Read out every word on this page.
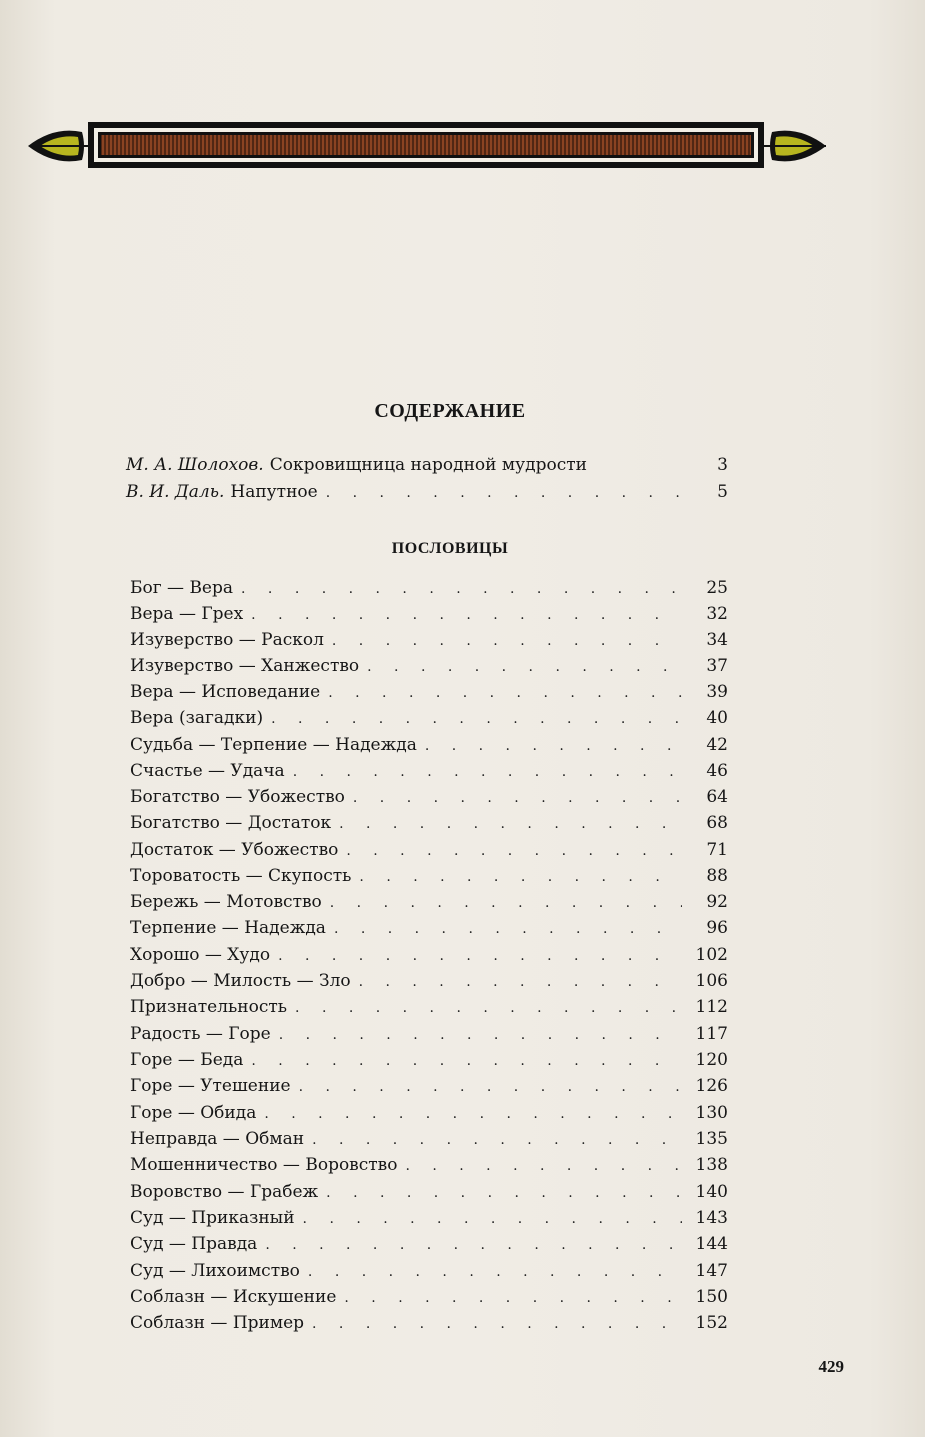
СОДЕРЖАНИЕ
М. А. Шолохов. Сокровищница народной мудрости	3
В. И. Даль. Напутное . . .	5
ПОСЛОВИЦЫ
Бог — Вера . . .	25
Вера — Грех . . .	32
Изуверство — Раскол . . .	34
Изуверство — Ханжество . . .	37
Вера — Исповедание . . .	39
Вера (загадки) . . .	40
Судьба — Терпение — Надежда . . .	42
Счастье — Удача . . .	46
Богатство — Убожество . . .	64
Богатство — Достаток . . .	68
Достаток — Убожество . . .	71
Тороватость — Скупость . . .	88
Бережь — Мотовство . . .	92
Терпение — Надежда . . .	96
Хорошо — Худо . . .	102
Добро — Милость — Зло . . .	106
Признательность . . .	112
Радость — Горе . . .	117
Горе — Беда . . .	120
Горе — Утешение . . .	126
Горе — Обида . . .	130
Неправда — Обман . . .	135
Мошенничество — Воровство . . .	138
Воровство — Грабеж . . .	140
Суд — Приказный . . .	143
Суд — Правда . . .	144
Суд — Лихоимство . . .	147
Соблазн — Искушение . . .	150
Соблазн — Пример . . .	152
429
